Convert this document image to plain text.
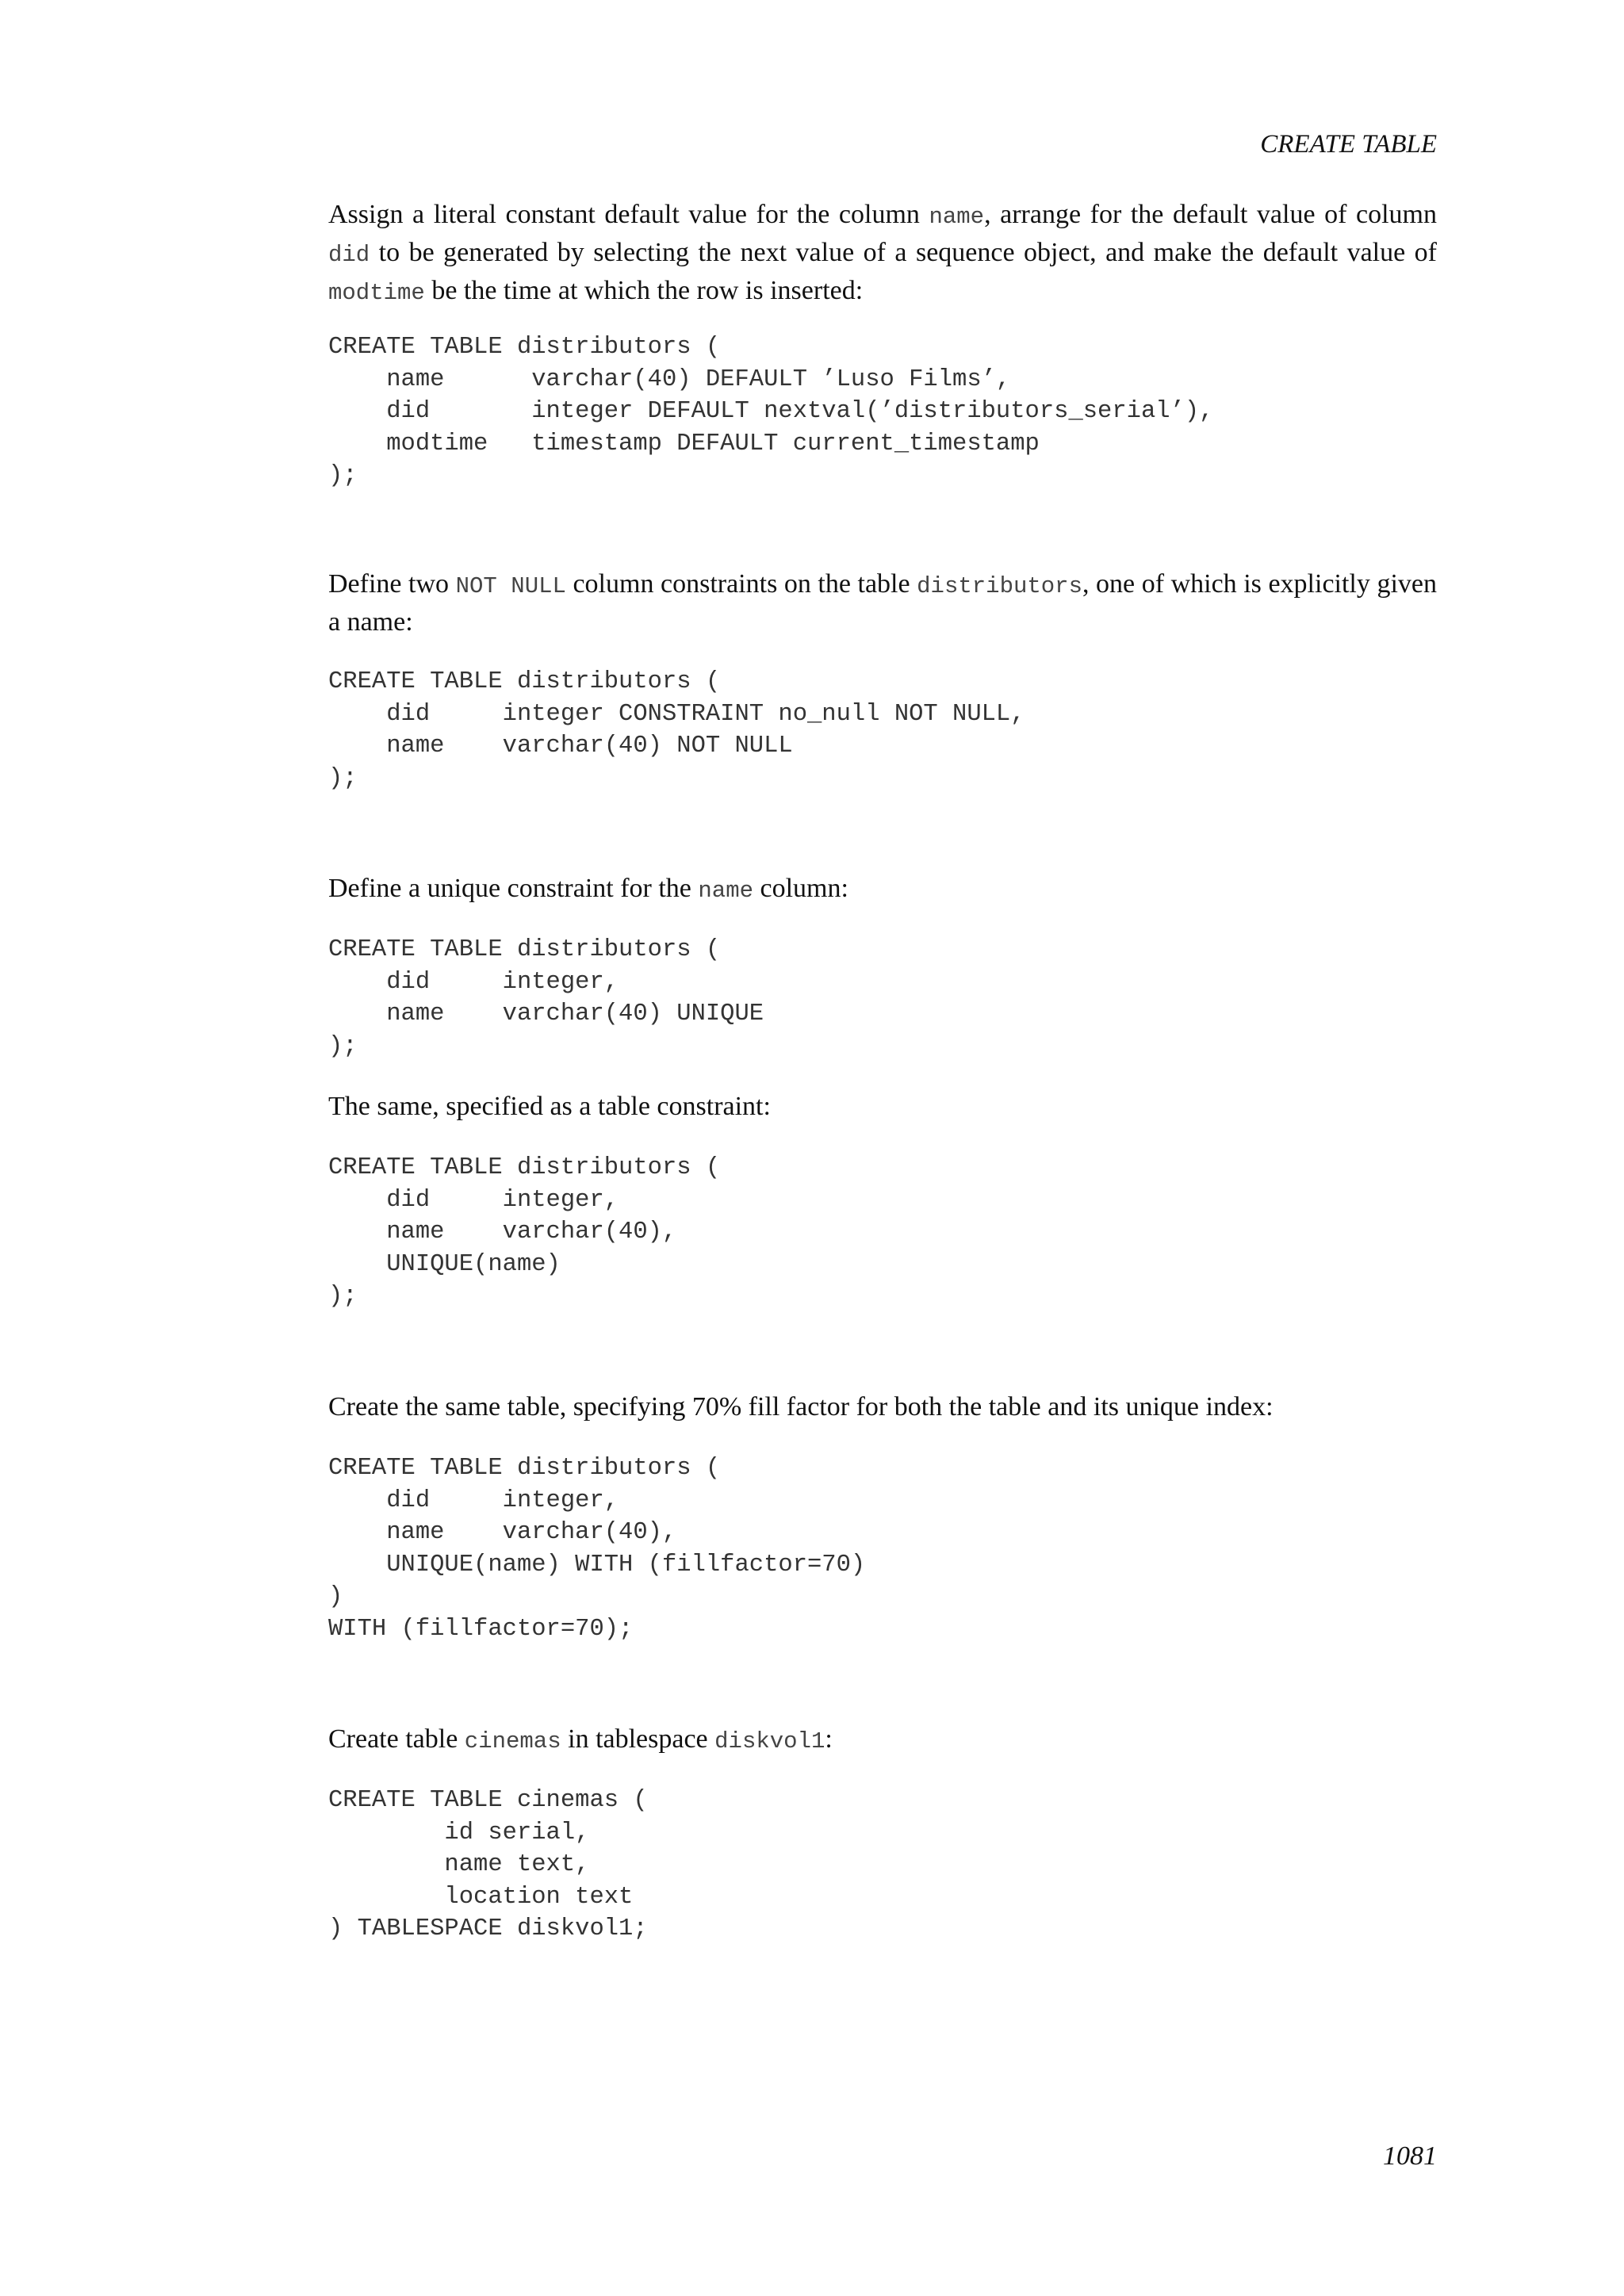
CREATE TABLE

Assign a literal constant default value for the column name, arrange for the default value of column did to be generated by selecting the next value of a sequence object, and make the default value of modtime be the time at which the row is inserted:

CREATE TABLE distributors (
name      varchar(40) DEFAULT ’Luso Films’,
did       integer DEFAULT nextval(’distributors_serial’),
modtime   timestamp DEFAULT current_timestamp
);

Define two NOT NULL column constraints on the table distributors, one of which is explicitly given a name:

CREATE TABLE distributors (
did     integer CONSTRAINT no_null NOT NULL,
name    varchar(40) NOT NULL
);

Define a unique constraint for the name column:

CREATE TABLE distributors (
did     integer,
name    varchar(40) UNIQUE
);

The same, specified as a table constraint:

CREATE TABLE distributors (
did     integer,
name    varchar(40),
UNIQUE(name)
);

Create the same table, specifying 70% fill factor for both the table and its unique index:

CREATE TABLE distributors (
did     integer,
name    varchar(40),
UNIQUE(name) WITH (fillfactor=70)
)
WITH (fillfactor=70);

Create table cinemas in tablespace diskvol1:

CREATE TABLE cinemas (
id serial,
name text,
location text
) TABLESPACE diskvol1;
1081
